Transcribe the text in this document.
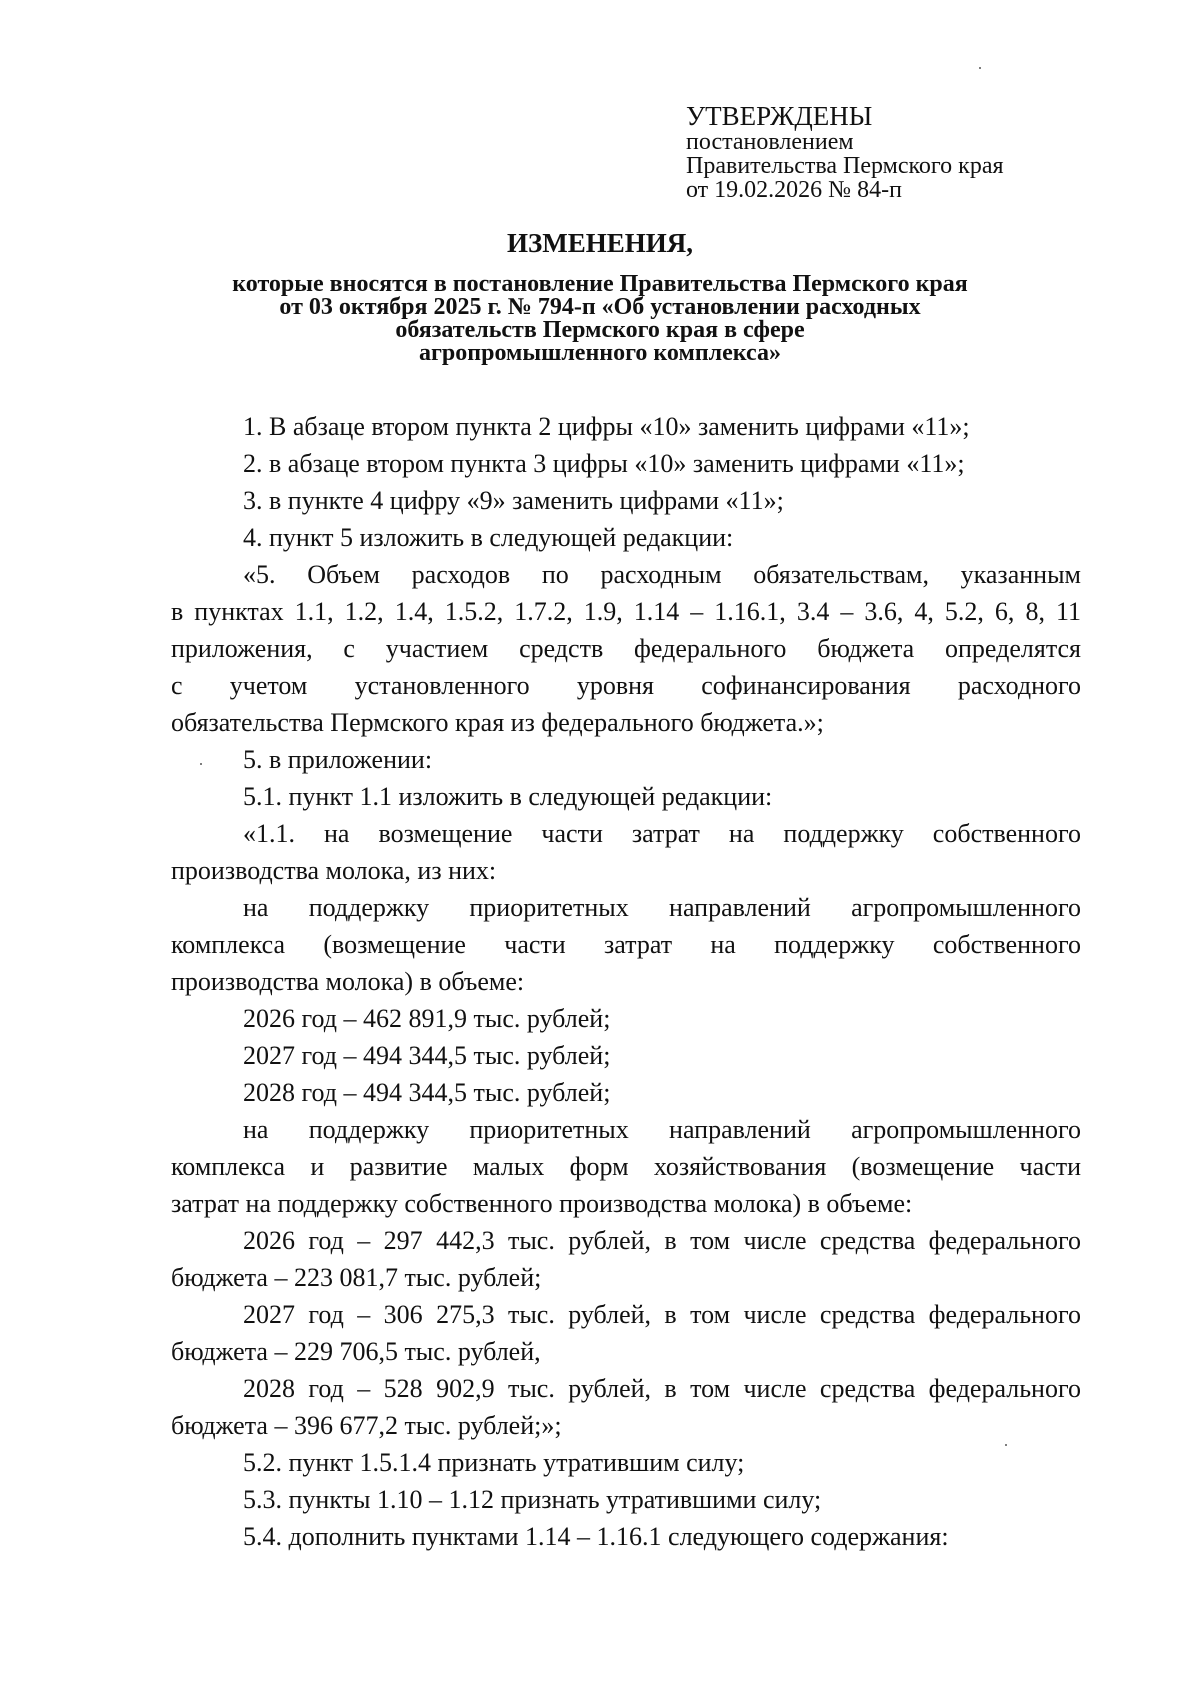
УТВЕРЖДЕНЫ
постановлением
Правительства Пермского края
от 19.02.2026 № 84-п
ИЗМЕНЕНИЯ,
которые вносятся в постановление Правительства Пермского края
от 03 октября 2025 г. № 794-п «Об установлении расходных
обязательств Пермского края в сфере
агропромышленного комплекса»
1. В абзаце втором пункта 2 цифры «10» заменить цифрами «11»;
2. в абзаце втором пункта 3 цифры «10» заменить цифрами «11»;
3. в пункте 4 цифру «9» заменить цифрами «11»;
4. пункт 5 изложить в следующей редакции:
«5. Объем расходов по расходным обязательствам, указанным
в пунктах 1.1, 1.2, 1.4, 1.5.2, 1.7.2, 1.9, 1.14 – 1.16.1, 3.4 – 3.6, 4, 5.2, 6, 8, 11
приложения, с участием средств федерального бюджета определятся
с учетом установленного уровня софинансирования расходного
обязательства Пермского края из федерального бюджета.»;
5. в приложении:
5.1. пункт 1.1 изложить в следующей редакции:
«1.1. на возмещение части затрат на поддержку собственного
производства молока, из них:
на поддержку приоритетных направлений агропромышленного
комплекса (возмещение части затрат на поддержку собственного
производства молока) в объеме:
2026 год – 462 891,9 тыс. рублей;
2027 год – 494 344,5 тыс. рублей;
2028 год – 494 344,5 тыс. рублей;
на поддержку приоритетных направлений агропромышленного
комплекса и развитие малых форм хозяйствования (возмещение части
затрат на поддержку собственного производства молока) в объеме:
2026 год – 297 442,3 тыс. рублей, в том числе средства федерального
бюджета – 223 081,7 тыс. рублей;
2027 год – 306 275,3 тыс. рублей, в том числе средства федерального
бюджета – 229 706,5 тыс. рублей,
2028 год – 528 902,9 тыс. рублей, в том числе средства федерального
бюджета – 396 677,2 тыс. рублей;»;
5.2. пункт 1.5.1.4 признать утратившим силу;
5.3. пункты 1.10 – 1.12 признать утратившими силу;
5.4. дополнить пунктами 1.14 – 1.16.1 следующего содержания:
